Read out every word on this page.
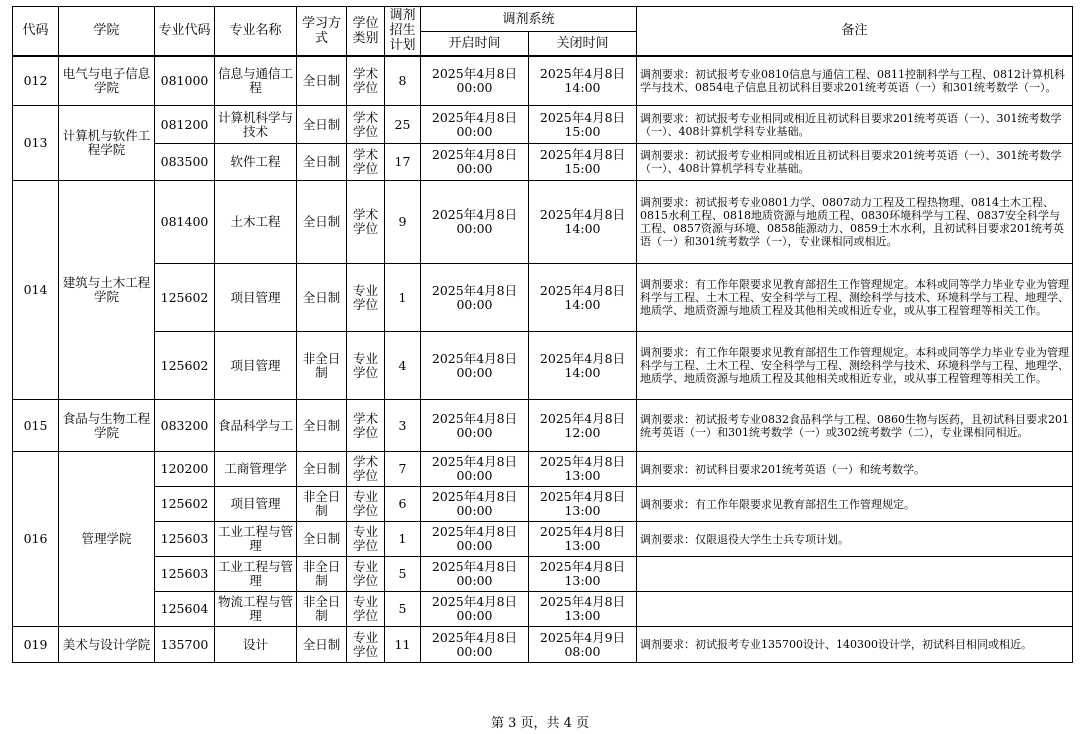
代码	学院	专业代码	专业名称	学习方式	学位类别	调剂招生计划	调剂系统		备注
							开启时间	关闭时间	
012	电气与电子信息学院	081000	信息与通信工程	全日制	学术学位	8	2025年4月8日 00:00	2025年4月8日 14:00	调剂要求：初试报考专业0810信息与通信工程、0811控制科学与工程、0812计算机科学与技术、0854电子信息且初试科目要求201统考英语（一）和301统考数学（一）。
013	计算机与软件工程学院	081200	计算机科学与技术	全日制	学术学位	25	2025年4月8日 00:00	2025年4月8日 15:00	调剂要求：初试报考专业相同或相近且初试科目要求201统考英语（一）、301统考数学（一）、408计算机学科专业基础。
		083500	软件工程	全日制	学术学位	17	2025年4月8日 00:00	2025年4月8日 15:00	调剂要求：初试报考专业相同或相近且初试科目要求201统考英语（一）、301统考数学（一）、408计算机学科专业基础。
014	建筑与土木工程学院	081400	土木工程	全日制	学术学位	9	2025年4月8日 00:00	2025年4月8日 14:00	调剂要求：初试报考专业0801力学、0807动力工程及工程热物理、0814土木工程、0815水利工程、0818地质资源与地质工程、0830环境科学与工程、0837安全科学与工程、0857资源与环境、0858能源动力、0859土木水利，且初试科目要求201统考英语（一）和301统考数学（一），专业课相同或相近。
		125602	项目管理	全日制	专业学位	1	2025年4月8日 00:00	2025年4月8日 14:00	调剂要求：有工作年限要求见教育部招生工作管理规定。本科或同等学力毕业专业为管理科学与工程、土木工程、安全科学与工程、测绘科学与技术、环境科学与工程、地理学、地质学、地质资源与地质工程及其他相关或相近专业，或从事工程管理等相关工作。
		125602	项目管理	非全日制	专业学位	4	2025年4月8日 00:00	2025年4月8日 14:00	调剂要求：有工作年限要求见教育部招生工作管理规定。本科或同等学力毕业专业为管理科学与工程、土木工程、安全科学与工程、测绘科学与技术、环境科学与工程、地理学、地质学、地质资源与地质工程及其他相关或相近专业，或从事工程管理等相关工作。
015	食品与生物工程学院	083200	食品科学与工	全日制	学术学位	3	2025年4月8日 00:00	2025年4月8日 12:00	调剂要求：初试报考专业0832食品科学与工程、0860生物与医药，且初试科目要求201统考英语（一）和301统考数学（一）或302统考数学（二），专业课相同相近。
016	管理学院	120200	工商管理学	全日制	学术学位	7	2025年4月8日 00:00	2025年4月8日 13:00	调剂要求：初试科目要求201统考英语（一）和统考数学。
		125602	项目管理	非全日制	专业学位	6	2025年4月8日 00:00	2025年4月8日 13:00	调剂要求：有工作年限要求见教育部招生工作管理规定。
		125603	工业工程与管理	全日制	专业学位	1	2025年4月8日 00:00	2025年4月8日 13:00	调剂要求：仅限退役大学生士兵专项计划。
		125603	工业工程与管理	非全日制	专业学位	5	2025年4月8日 00:00	2025年4月8日 13:00	
		125604	物流工程与管理	非全日制	专业学位	5	2025年4月8日 00:00	2025年4月8日 13:00	
019	美术与设计学院	135700	设计	全日制	专业学位	11	2025年4月8日 00:00	2025年4月9日 08:00	调剂要求：初试报考专业135700设计、140300设计学，初试科目相同或相近。
第 3 页，共 4 页
